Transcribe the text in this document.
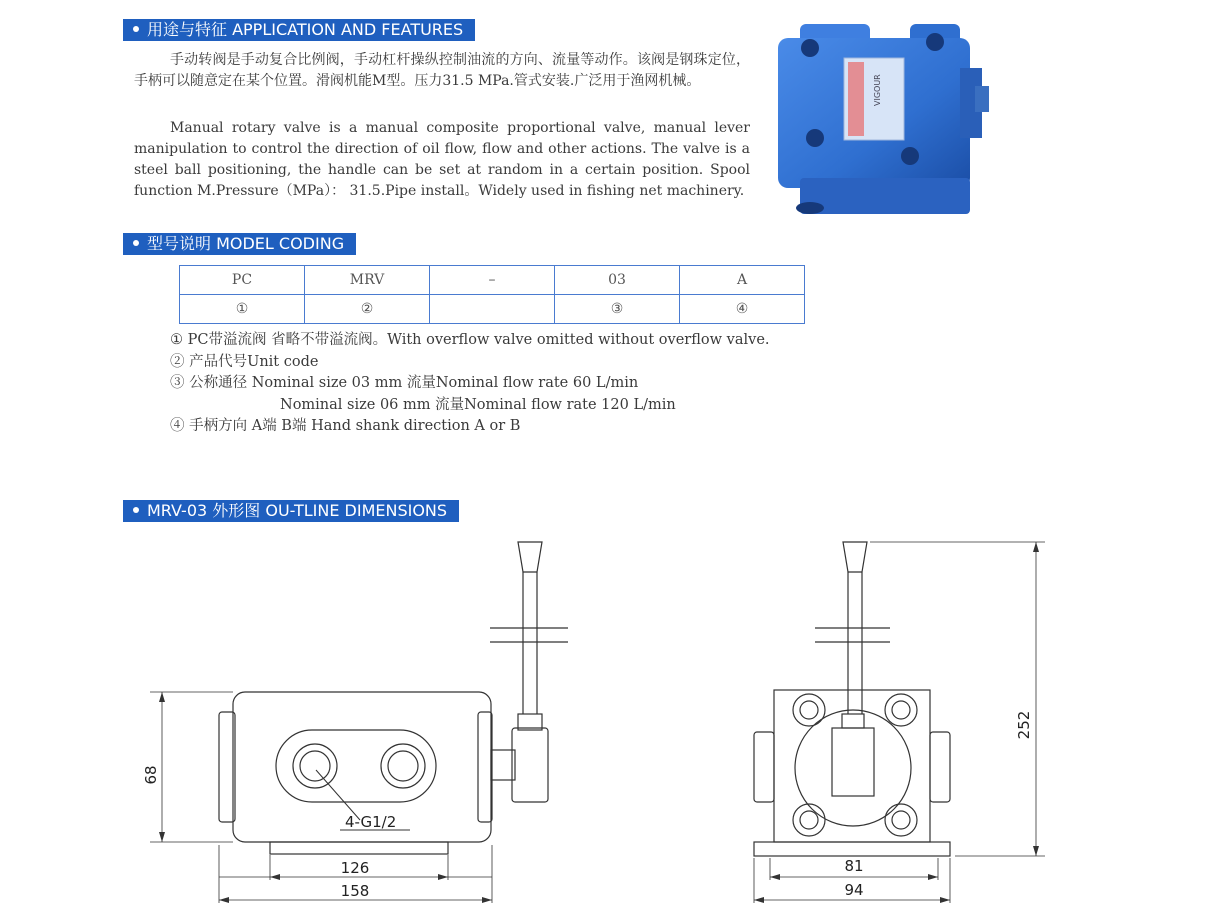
用途与特征 APPLICATION AND FEATURES

手动转阀是手动复合比例阀，手动杠杆操纵控制油流的方向、流量等动作。该阀是钢珠定位，手柄可以随意定在某个位置。滑阀机能M型。压力31.5 MPa.管式安装.广泛用于渔网机械。

Manual rotary valve is a manual composite proportional valve, manual lever manipulation to control the direction of oil flow, flow and other actions. The valve is a steel ball positioning, the handle can be set at random in a certain position. Spool function M.Pressure（MPa）： 31.5.Pipe install。Widely used in fishing net machinery.

VIGOUR
型号说明 MODEL CODING
PC	MRV	–	03	A
①	②		③	④
① PC带溢流阀 省略不带溢流阀。With overflow valve omitted without overflow valve.
② 产品代号Unit code
③ 公称通径 Nominal size 03 mm 流量Nominal flow rate 60 L/min
Nominal size 06 mm 流量Nominal flow rate 120 L/min
④ 手柄方向 A端 B端 Hand shank direction A or B
MRV-03 外形图 OU-TLINE DIMENSIONS
68
4-G1/2
126
158
252
81
94
